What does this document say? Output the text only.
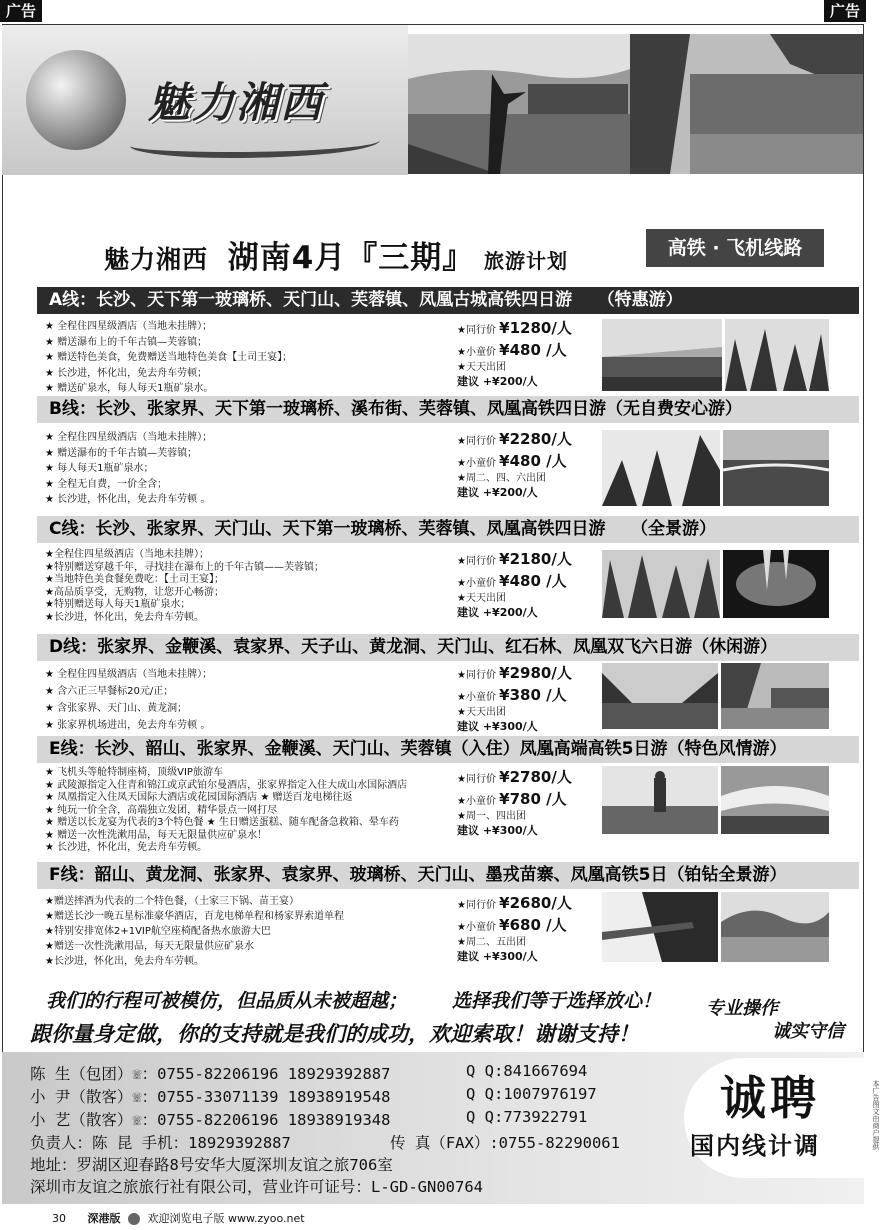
广告	广告
魅力湘西
魅力湘西 湖南4月『三期』 旅游计划
高铁 · 飞机线路
A线：长沙、天下第一玻璃桥、天门山、芙蓉镇、凤凰古城高铁四日游　　（特惠游）
★ 全程住四星级酒店（当地未挂牌）；
★ 赠送瀑布上的千年古镇—芙蓉镇；
★ 赠送特色美食，免费赠送当地特色美食【土司王宴】；
★ 长沙进，怀化出，免去舟车劳顿；
★ 赠送矿泉水，每人每天1瓶矿泉水。
★同行价 ¥1280/人
★小童价 ¥480 /人
★天天出团
建议 +¥200/人
B线：长沙、张家界、天下第一玻璃桥、溪布街、芙蓉镇、凤凰高铁四日游（无自费安心游）
★ 全程住四星级酒店（当地未挂牌）；
★ 赠送瀑布的千年古镇—芙蓉镇；
★ 每人每天1瓶矿泉水；
★ 全程无自费，一价全含；
★ 长沙进，怀化出，免去舟车劳顿 。
★同行价 ¥2280/人
★小童价 ¥480 /人
★周二、四、六出团
建议 +¥200/人
C线：长沙、张家界、天门山、天下第一玻璃桥、芙蓉镇、凤凰高铁四日游　　（全景游）
★全程住四星级酒店（当地未挂牌）；
★特别赠送穿越千年，寻找挂在瀑布上的千年古镇——芙蓉镇；
★当地特色美食餐免费吃：【土司王宴】；
★高品质享受，无购物，让您开心畅游；
★特别赠送每人每天1瓶矿泉水；
★长沙进，怀化出，免去舟车劳顿。
★同行价 ¥2180/人
★小童价 ¥480 /人
★天天出团
建议 +¥200/人
D线：张家界、金鞭溪、袁家界、天子山、黄龙洞、天门山、红石林、凤凰双飞六日游（休闲游）
★ 全程住四星级酒店（当地未挂牌）；
★ 含六正三早餐标20元/正；
★ 含张家界、天门山、黄龙洞；
★ 张家界机场进出，免去舟车劳顿 。
★同行价 ¥2980/人
★小童价 ¥380 /人
★天天出团
建议 +¥300/人
E线：长沙、韶山、张家界、金鞭溪、天门山、芙蓉镇（入住）凤凰高端高铁5日游（特色风情游）
★ 飞机头等舱特制座椅，顶级VIP旅游车
★ 武陵源指定入住青和锦江或京武铂尔曼酒店，张家界指定入住大成山水国际酒店
★ 凤凰指定入住凤天国际大酒店或花园国际酒店 ★ 赠送百龙电梯往返
★ 纯玩一价全含，高端独立发团，精华景点一网打尽
★ 赠送以长龙宴为代表的3个特色餐 ★ 生日赠送蛋糕、随车配备急救箱、晕车药
★ 赠送一次性洗漱用品，每天无限量供应矿泉水！
★ 长沙进，怀化出，免去舟车劳顿。
★同行价 ¥2780/人
★小童价 ¥780 /人
★周一、四出团
建议 +¥300/人
F线：韶山、黄龙洞、张家界、袁家界、玻璃桥、天门山、墨戎苗寨、凤凰高铁5日（铂钻全景游）
★赠送摔酒为代表的二个特色餐，（土家三下锅、苗王宴）
★赠送长沙一晚五星标准豪华酒店，百龙电梯单程和杨家界索道单程
★特别安排宽体2+1VIP航空座椅配备热水旅游大巴
★赠送一次性洗漱用品，每天无限量供应矿泉水
★长沙进，怀化出，免去舟车劳顿。
★同行价 ¥2680/人
★小童价 ¥680 /人
★周二、五出团
建议 +¥300/人
我们的行程可被模仿，但品质从未被超越； 选择我们等于选择放心！ 专业操作
诚实守信
跟你量身定做，你的支持就是我们的成功，欢迎索取！谢谢支持！
陈 生（包团）☏：0755-82206196 18929392887	Q Q:841667694
小 尹（散客）☏：0755-33071139 18938919548	Q Q:1007976197
小 艺（散客）☏：0755-82206196 18938919348	Q Q:773922791
负责人：陈 昆 手机：18929392887	传 真（FAX）:0755-82290061
地址：罗湖区迎春路8号安华大厦深圳友谊之旅706室
深圳市友谊之旅旅行社有限公司，营业许可证号：L-GD-GN00764
诚聘
国内线计调	本广告图文由商户提供
30 深港版 欢迎浏览电子版 www.zyoo.net
